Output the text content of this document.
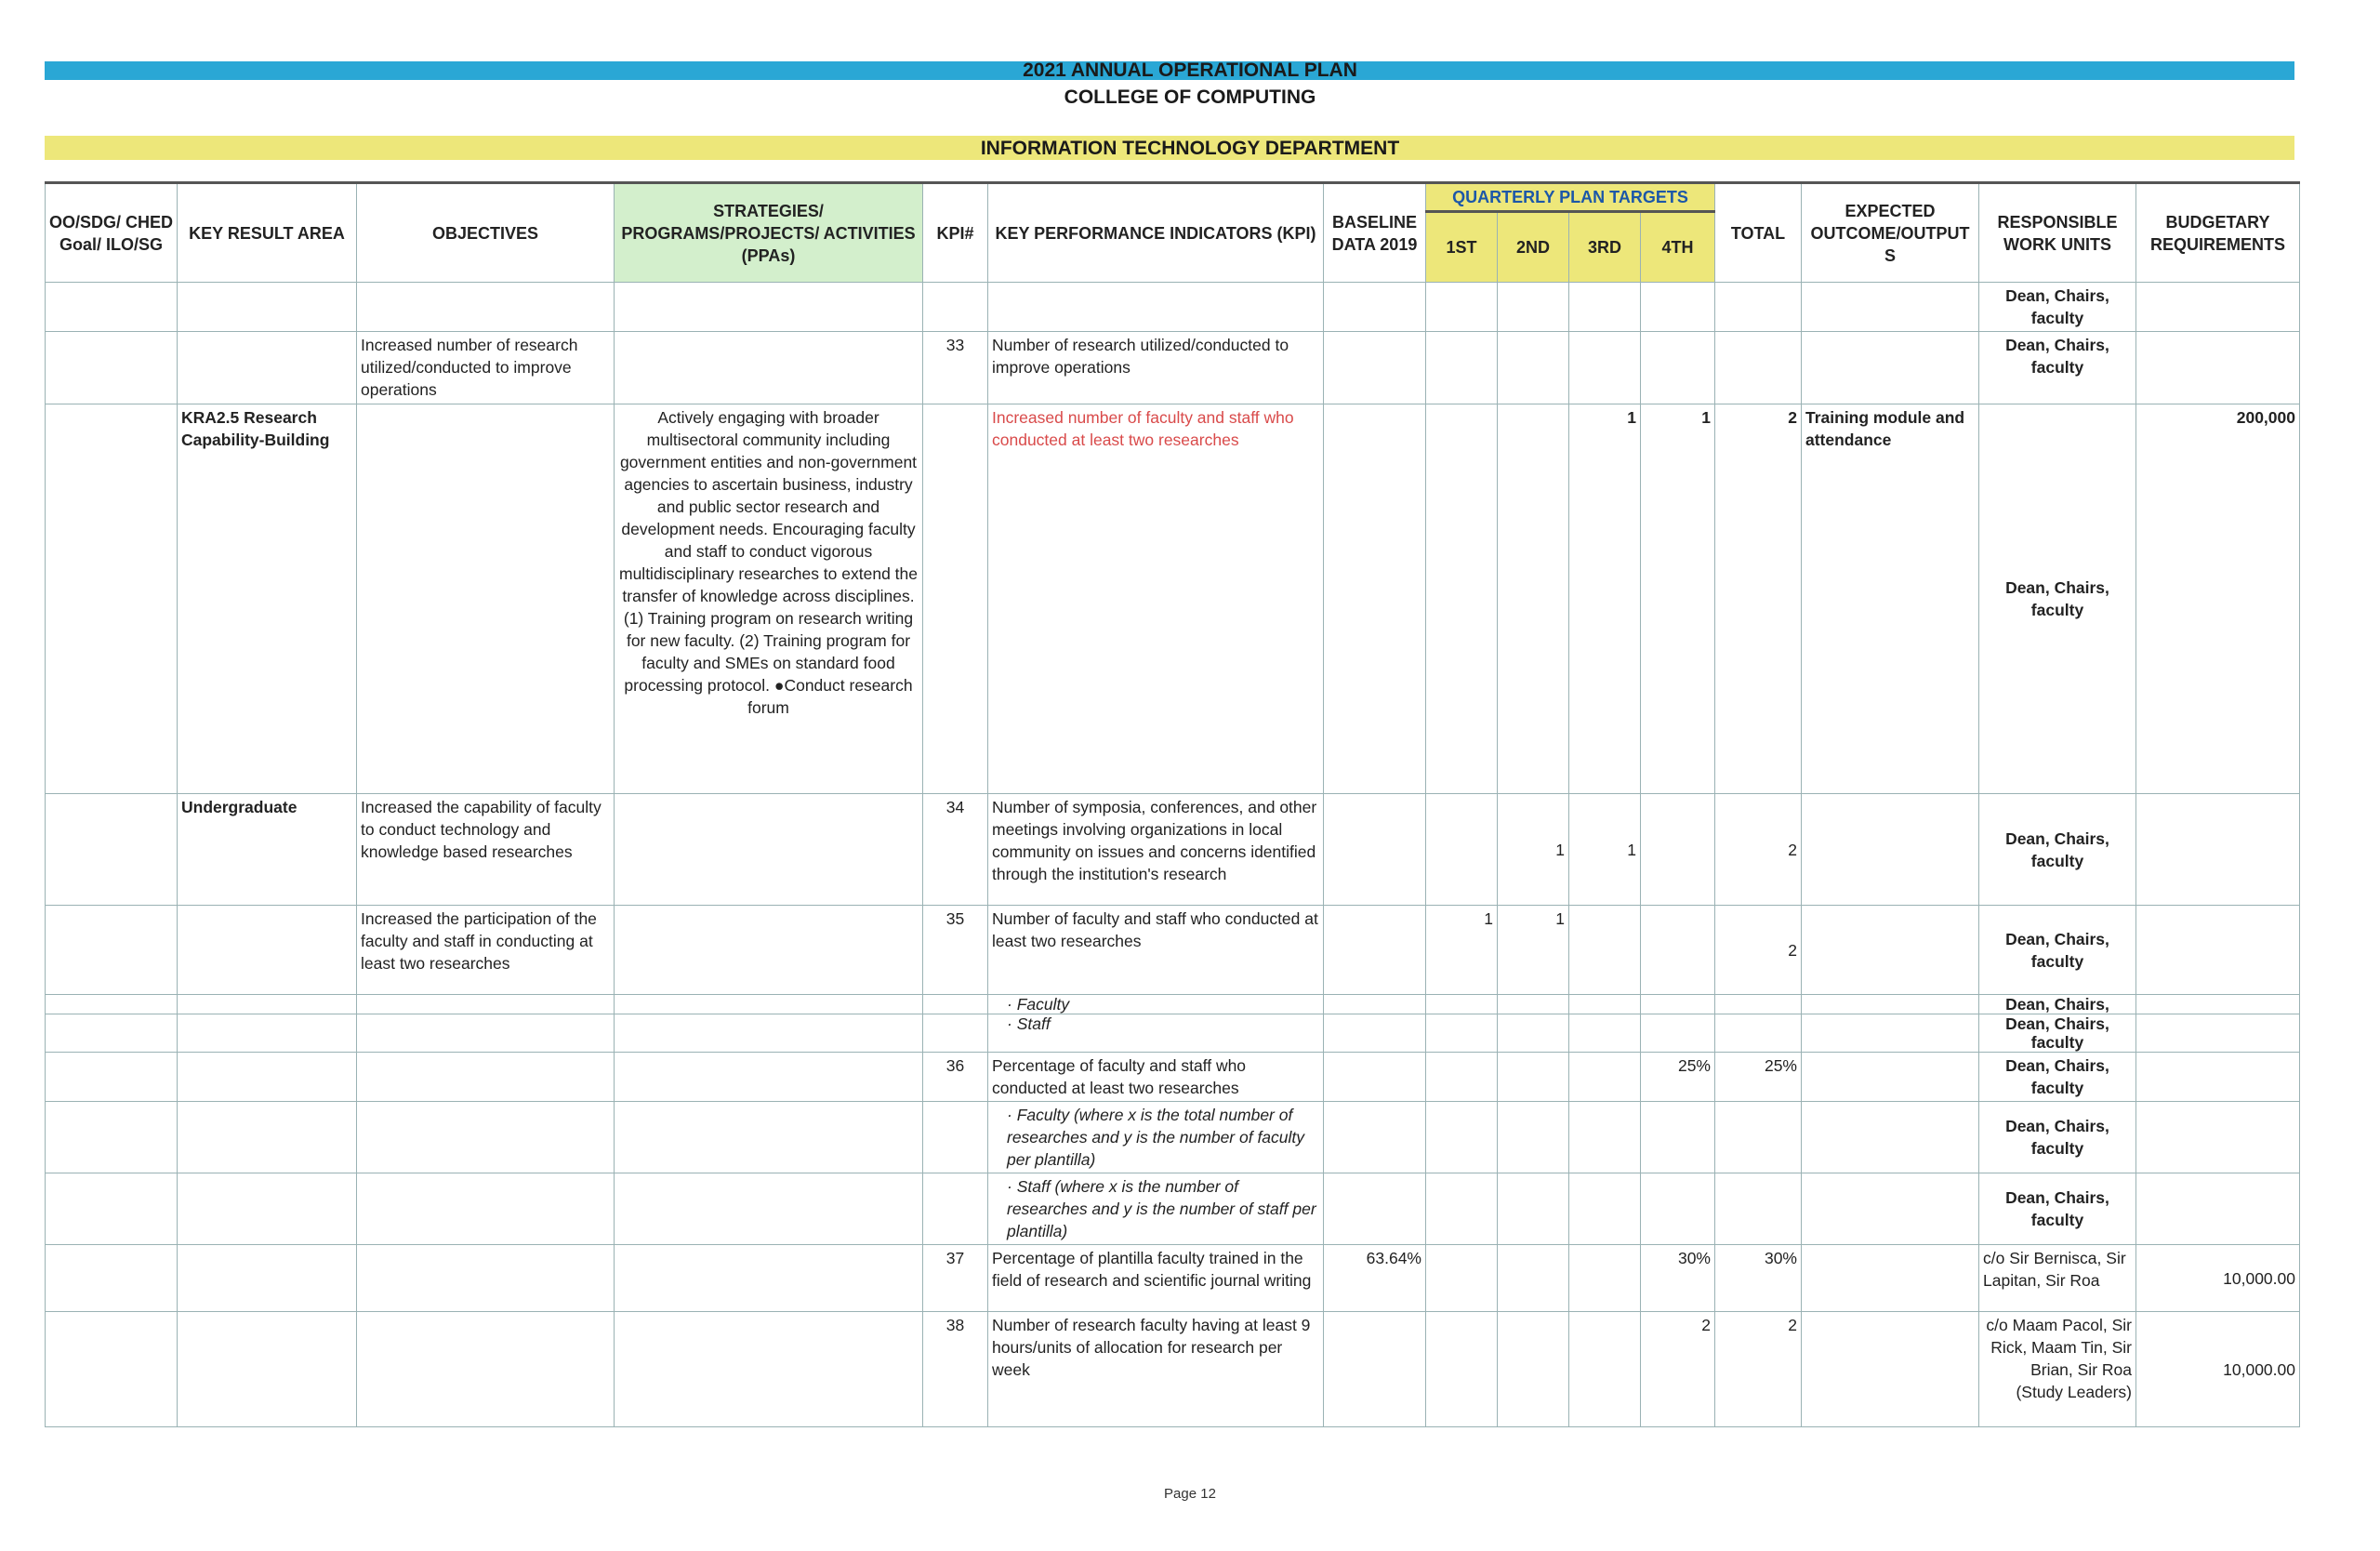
2021 ANNUAL OPERATIONAL PLAN
COLLEGE OF COMPUTING
INFORMATION TECHNOLOGY DEPARTMENT
OO/SDG/ CHED Goal/ ILO/SG	KEY RESULT AREA	OBJECTIVES	STRATEGIES/ PROGRAMS/PROJECTS/ ACTIVITIES (PPAs)	KPI#	KEY PERFORMANCE INDICATORS (KPI)	BASELINE DATA 2019	QUARTERLY PLAN TARGETS				TOTAL	EXPECTED OUTCOME/OUTPUT S	RESPONSIBLE WORK UNITS	BUDGETARY REQUIREMENTS
							1ST	2ND	3RD	4TH				
													Dean, Chairs, faculty	
		Increased number of research utilized/conducted to improve operations		33	Number of research utilized/conducted to improve operations								Dean, Chairs, faculty	
	KRA2.5 Research Capability-Building		Actively engaging with broader multisectoral community including government entities and non-government agencies to ascertain business, industry and public sector research and development needs. Encouraging faculty and staff to conduct vigorous multidisciplinary researches to extend the transfer of knowledge across disciplines. (1) Training program on research writing for new faculty. (2) Training program for faculty and SMEs on standard food processing protocol. ●Conduct research forum		Increased number of faculty and staff who conducted at least two researches				1	1	2	Training module and attendance	Dean, Chairs, faculty	200,000
	Undergraduate	Increased the capability of faculty to conduct technology and knowledge based researches		34	Number of symposia, conferences, and other meetings involving organizations in local community on issues and concerns identified through the institution's research			1	1		2		Dean, Chairs, faculty	
		Increased the participation of the faculty and staff in conducting at least two researches		35	Number of faculty and staff who conducted at least two researches		1	1			2		Dean, Chairs, faculty	
					· Faculty								Dean, Chairs,	
					· Staff								Dean, Chairs, faculty	
				36	Percentage of faculty and staff who conducted at least two researches					25%	25%		Dean, Chairs, faculty	
					· Faculty (where x is the total number of researches and y is the number of faculty per plantilla)								Dean, Chairs, faculty	
					· Staff (where x is the number of researches and y is the number of staff per plantilla)								Dean, Chairs, faculty	
				37	Percentage of plantilla faculty trained in the field of research and scientific journal writing	63.64%				30%	30%		c/o Sir Bernisca, Sir Lapitan, Sir Roa	10,000.00
				38	Number of research faculty having at least 9 hours/units of allocation for research per week					2	2		c/o Maam Pacol, Sir Rick, Maam Tin, Sir Brian, Sir Roa (Study Leaders)	10,000.00
Page 12
